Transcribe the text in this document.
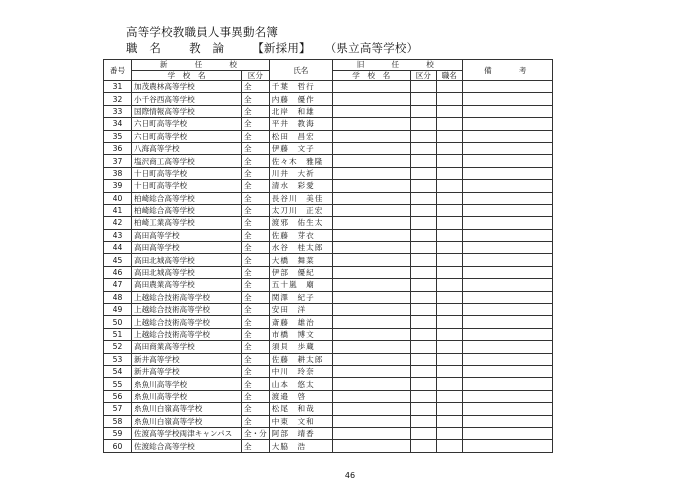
高等学校教職員人事異動名簿
職　名 教　論 【新採用】 （県立高等学校）
番号	新　　任　　校		氏名	旧　　任　　校			備　　考
	学　校　名	区分		学　校　名	区分	職名	
31	加茂農林高等学校	全	千葉　哲行				
32	小千谷西高等学校	全	内藤　優作				
33	国際情報高等学校	全	北岸　和雄				
34	六日町高等学校	全	平井　教海				
35	六日町高等学校	全	松田　昌宏				
36	八海高等学校	全	伊藤　文子				
37	塩沢商工高等学校	全	佐々木　雅隆				
38	十日町高等学校	全	川井　大祈				
39	十日町高等学校	全	清水　彩愛				
40	柏崎総合高等学校	全	長谷川　美佳				
41	柏崎総合高等学校	全	太刀川　正宏				
42	柏崎工業高等学校	全	渡邪　佑生太				
43	高田高等学校	全	佐藤　芽衣				
44	高田高等学校	全	水谷　桂太郎				
45	高田北城高等学校	全	大橋　舞菜				
46	高田北城高等学校	全	伊部　優紀				
47	高田農業高等学校	全	五十嵐　廟				
48	上越総合技術高等学校	全	関澤　紀子				
49	上越総合技術高等学校	全	安田　洋				
50	上越総合技術高等学校	全	斎藤　雄治				
51	上越総合技術高等学校	全	市橋　博文				
52	高田商業高等学校	全	須貝　歩蔵				
53	新井高等学校	全	佐藤　耕太郎				
54	新井高等学校	全	中川　玲奈				
55	糸魚川高等学校	全	山本　悠太				
56	糸魚川高等学校	全	渡邉　啓				
57	糸魚川白嶺高等学校	全	松尾　和哉				
58	糸魚川白嶺高等学校	全	中東　文和				
59	佐渡高等学校両津キャンパス	全・分	阿部　靖香				
60	佐渡総合高等学校	全	大脇　浩				
46
